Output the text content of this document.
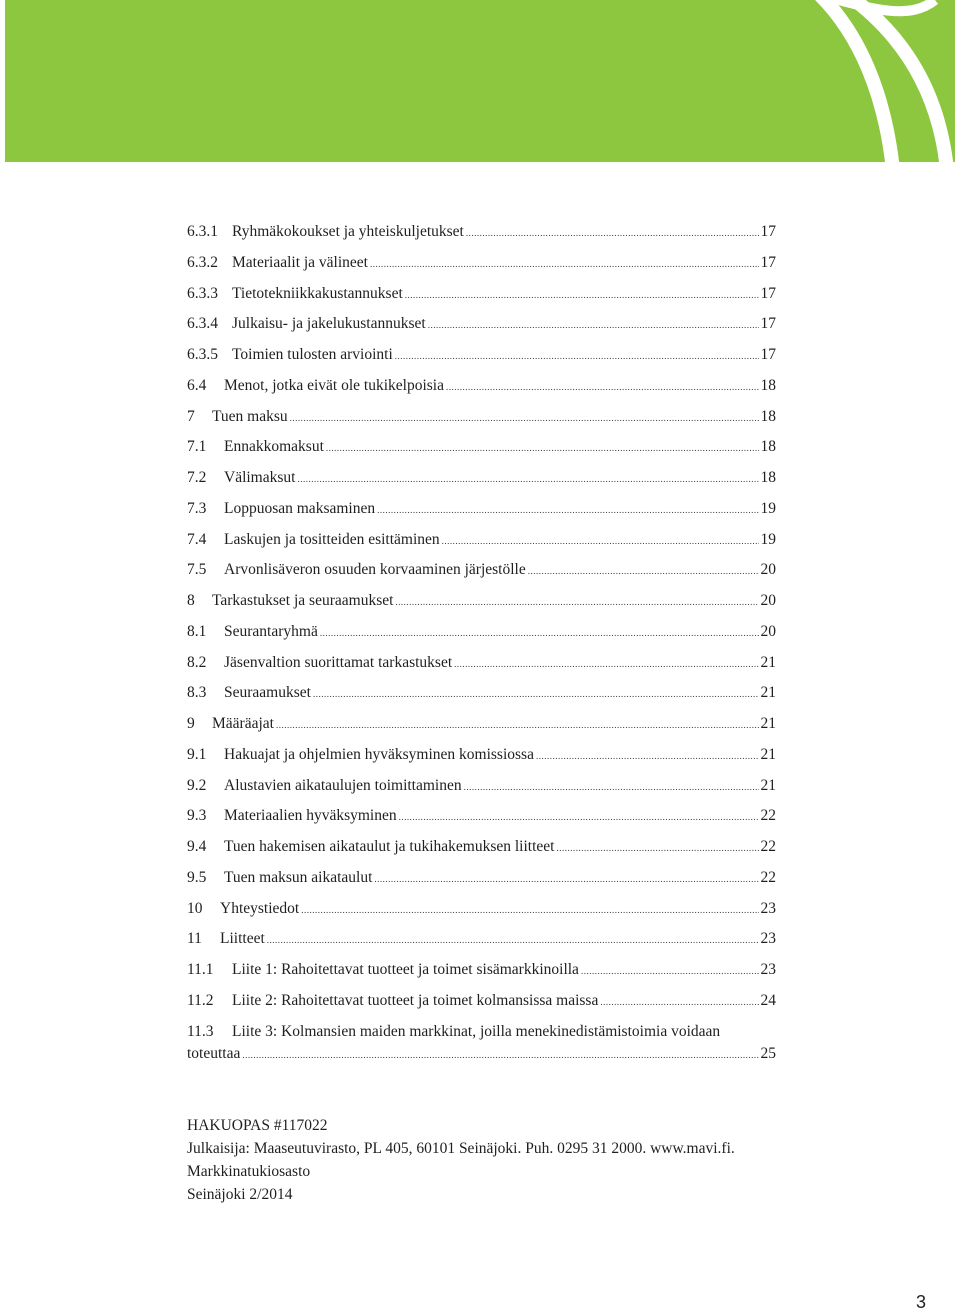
6.3.1 Ryhmäkokoukset ja yhteiskuljetukset .....	17
6.3.2 Materiaalit ja välineet .....	17
6.3.3 Tietotekniikkakustannukset .....	17
6.3.4 Julkaisu- ja jakelukustannukset .....	17
6.3.5 Toimien tulosten arviointi .....	17
6.4	Menot, jotka eivät ole tukikelpoisia .....	18
7	Tuen maksu .....	18
7.1	Ennakkomaksut .....	18
7.2	Välimaksut .....	18
7.3	Loppuosan maksaminen .....	19
7.4	Laskujen ja tositteiden esittäminen .....	19
7.5	Arvonlisäveron osuuden korvaaminen järjestölle .....	20
8	Tarkastukset ja seuraamukset .....	20
8.1	Seurantaryhmä .....	20
8.2	Jäsenvaltion suorittamat tarkastukset .....	21
8.3	Seuraamukset .....	21
9	Määräajat .....	21
9.1	Hakuajat ja ohjelmien hyväksyminen komissiossa .....	21
9.2	Alustavien aikataulujen toimittaminen .....	21
9.3	Materiaalien hyväksyminen .....	22
9.4	Tuen hakemisen aikataulut ja tukihakemuksen liitteet .....	22
9.5	Tuen maksun aikataulut .....	22
10	Yhteystiedot .....	23
11	Liitteet .....	23
11.1	Liite 1: Rahoitettavat tuotteet ja toimet sisämarkkinoilla .....	23
11.2	Liite 2: Rahoitettavat tuotteet ja toimet kolmansissa maissa .....	24
11.3 Liite 3: Kolmansien maiden markkinat, joilla menekinedistämistoimia voidaan
toteuttaa .....	25
HAKUOPAS #117022
Julkaisija: Maaseutuvirasto, PL 405, 60101 Seinäjoki. Puh. 0295 31 2000. www.mavi.fi.
Markkinatukiosasto
Seinäjoki 2/2014
3
